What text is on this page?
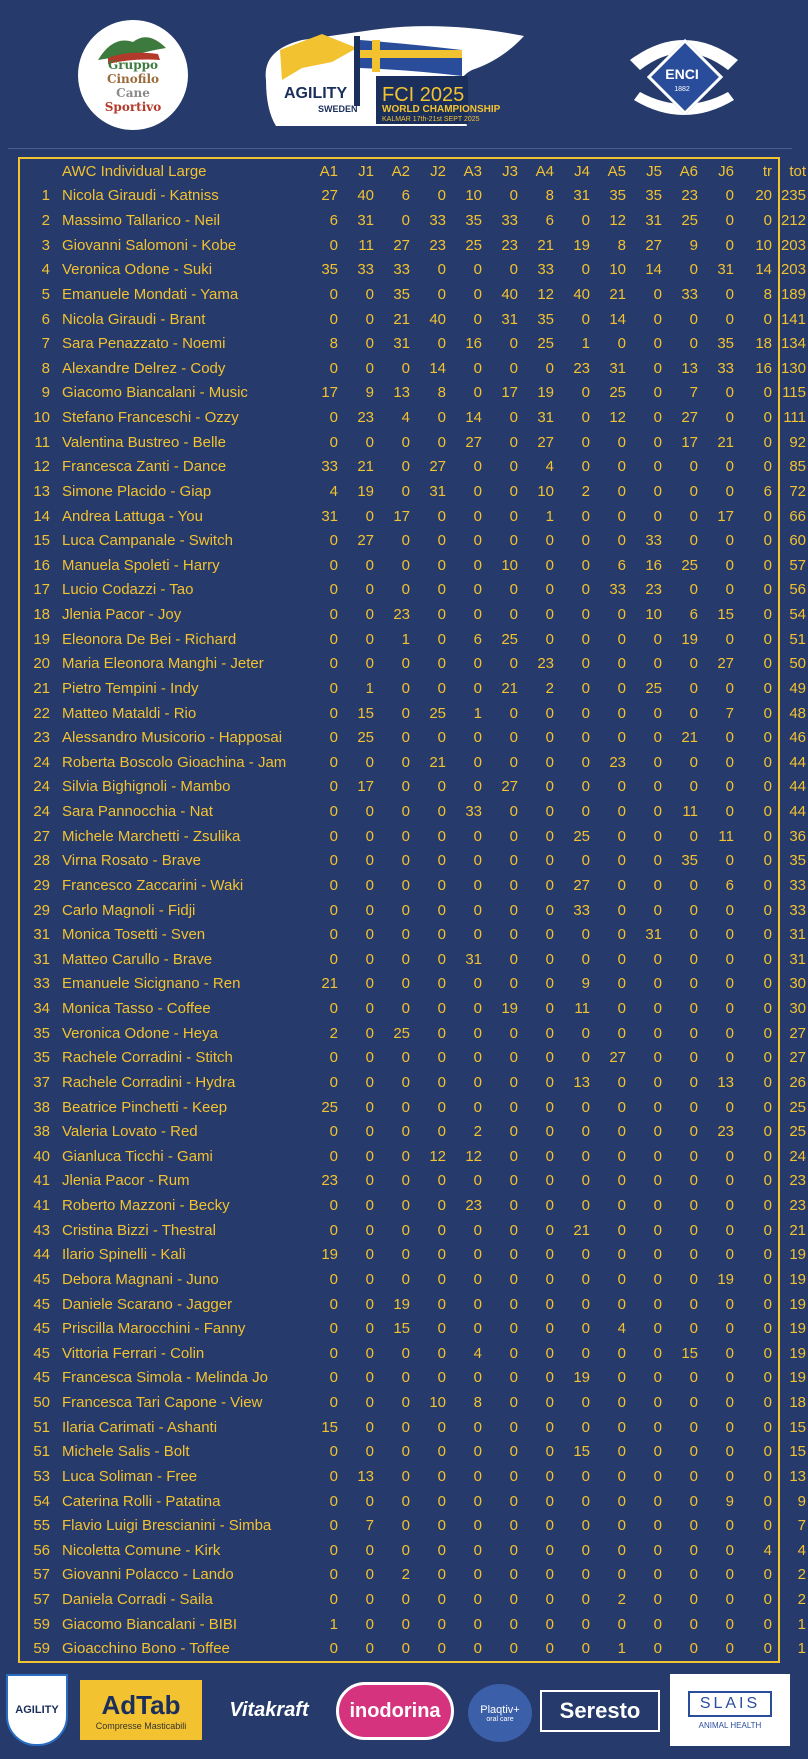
Gruppo
Cinofilo
Cane
Sportivo
AGILITY
SWEDEN
FCI 2025
WORLD CHAMPIONSHIP
KALMAR 17th-21st SEPT 2025
ENCI
1882
	AWC Individual Large	A1	J1	A2	J2	A3	J3	A4	J4	A5	J5	A6	J6	tr	tot
1	Nicola Giraudi - Katniss	27	40	6	0	10	0	8	31	35	35	23	0	20	235
2	Massimo Tallarico - Neil	6	31	0	33	35	33	6	0	12	31	25	0	0	212
3	Giovanni Salomoni - Kobe	0	11	27	23	25	23	21	19	8	27	9	0	10	203
4	Veronica Odone - Suki	35	33	33	0	0	0	33	0	10	14	0	31	14	203
5	Emanuele Mondati - Yama	0	0	35	0	0	40	12	40	21	0	33	0	8	189
6	Nicola Giraudi - Brant	0	0	21	40	0	31	35	0	14	0	0	0	0	141
7	Sara Penazzato - Noemi	8	0	31	0	16	0	25	1	0	0	0	35	18	134
8	Alexandre Delrez - Cody	0	0	0	14	0	0	0	23	31	0	13	33	16	130
9	Giacomo Biancalani - Music	17	9	13	8	0	17	19	0	25	0	7	0	0	115
10	Stefano Franceschi - Ozzy	0	23	4	0	14	0	31	0	12	0	27	0	0	111
11	Valentina Bustreo - Belle	0	0	0	0	27	0	27	0	0	0	17	21	0	92
12	Francesca Zanti - Dance	33	21	0	27	0	0	4	0	0	0	0	0	0	85
13	Simone Placido - Giap	4	19	0	31	0	0	10	2	0	0	0	0	6	72
14	Andrea Lattuga - You	31	0	17	0	0	0	1	0	0	0	0	17	0	66
15	Luca Campanale - Switch	0	27	0	0	0	0	0	0	0	33	0	0	0	60
16	Manuela Spoleti - Harry	0	0	0	0	0	10	0	0	6	16	25	0	0	57
17	Lucio Codazzi - Tao	0	0	0	0	0	0	0	0	33	23	0	0	0	56
18	Jlenia Pacor - Joy	0	0	23	0	0	0	0	0	0	10	6	15	0	54
19	Eleonora De Bei - Richard	0	0	1	0	6	25	0	0	0	0	19	0	0	51
20	Maria Eleonora Manghi - Jeter	0	0	0	0	0	0	23	0	0	0	0	27	0	50
21	Pietro Tempini - Indy	0	1	0	0	0	21	2	0	0	25	0	0	0	49
22	Matteo Mataldi - Rio	0	15	0	25	1	0	0	0	0	0	0	7	0	48
23	Alessandro Musicorio - Happosai	0	25	0	0	0	0	0	0	0	0	21	0	0	46
24	Roberta Boscolo Gioachina - Jam	0	0	0	21	0	0	0	0	23	0	0	0	0	44
24	Silvia Bighignoli - Mambo	0	17	0	0	0	27	0	0	0	0	0	0	0	44
24	Sara Pannocchia - Nat	0	0	0	0	33	0	0	0	0	0	11	0	0	44
27	Michele Marchetti - Zsulika	0	0	0	0	0	0	0	25	0	0	0	11	0	36
28	Virna Rosato - Brave	0	0	0	0	0	0	0	0	0	0	35	0	0	35
29	Francesco Zaccarini - Waki	0	0	0	0	0	0	0	27	0	0	0	6	0	33
29	Carlo Magnoli - Fidji	0	0	0	0	0	0	0	33	0	0	0	0	0	33
31	Monica Tosetti - Sven	0	0	0	0	0	0	0	0	0	31	0	0	0	31
31	Matteo Carullo - Brave	0	0	0	0	31	0	0	0	0	0	0	0	0	31
33	Emanuele Sicignano - Ren	21	0	0	0	0	0	0	9	0	0	0	0	0	30
34	Monica Tasso - Coffee	0	0	0	0	0	19	0	11	0	0	0	0	0	30
35	Veronica Odone - Heya	2	0	25	0	0	0	0	0	0	0	0	0	0	27
35	Rachele Corradini - Stitch	0	0	0	0	0	0	0	0	27	0	0	0	0	27
37	Rachele Corradini - Hydra	0	0	0	0	0	0	0	13	0	0	0	13	0	26
38	Beatrice Pinchetti - Keep	25	0	0	0	0	0	0	0	0	0	0	0	0	25
38	Valeria Lovato - Red	0	0	0	0	2	0	0	0	0	0	0	23	0	25
40	Gianluca Ticchi - Gami	0	0	0	12	12	0	0	0	0	0	0	0	0	24
41	Jlenia Pacor - Rum	23	0	0	0	0	0	0	0	0	0	0	0	0	23
41	Roberto Mazzoni - Becky	0	0	0	0	23	0	0	0	0	0	0	0	0	23
43	Cristina Bizzi - Thestral	0	0	0	0	0	0	0	21	0	0	0	0	0	21
44	Ilario Spinelli - Kalì	19	0	0	0	0	0	0	0	0	0	0	0	0	19
45	Debora Magnani - Juno	0	0	0	0	0	0	0	0	0	0	0	19	0	19
45	Daniele Scarano - Jagger	0	0	19	0	0	0	0	0	0	0	0	0	0	19
45	Priscilla Marocchini - Fanny	0	0	15	0	0	0	0	0	4	0	0	0	0	19
45	Vittoria Ferrari - Colin	0	0	0	0	4	0	0	0	0	0	15	0	0	19
45	Francesca Simola - Melinda Jo	0	0	0	0	0	0	0	19	0	0	0	0	0	19
50	Francesca Tari Capone - View	0	0	0	10	8	0	0	0	0	0	0	0	0	18
51	Ilaria Carimati - Ashanti	15	0	0	0	0	0	0	0	0	0	0	0	0	15
51	Michele Salis - Bolt	0	0	0	0	0	0	0	15	0	0	0	0	0	15
53	Luca Soliman - Free	0	13	0	0	0	0	0	0	0	0	0	0	0	13
54	Caterina Rolli - Patatina	0	0	0	0	0	0	0	0	0	0	0	9	0	9
55	Flavio Luigi Brescianini - Simba	0	7	0	0	0	0	0	0	0	0	0	0	0	7
56	Nicoletta Comune - Kirk	0	0	0	0	0	0	0	0	0	0	0	0	4	4
57	Giovanni Polacco - Lando	0	0	2	0	0	0	0	0	0	0	0	0	0	2
57	Daniela Corradi - Saila	0	0	0	0	0	0	0	0	2	0	0	0	0	2
59	Giacomo Biancalani - BIBI	1	0	0	0	0	0	0	0	0	0	0	0	0	1
59	Gioacchino Bono - Toffee	0	0	0	0	0	0	0	0	1	0	0	0	0	1
AGILITY	AdTab
Compresse Masticabili
Vitakraft	inodorina	Plaqtiv+
oral care	Seresto	SLAIS
ANIMAL HEALTH
